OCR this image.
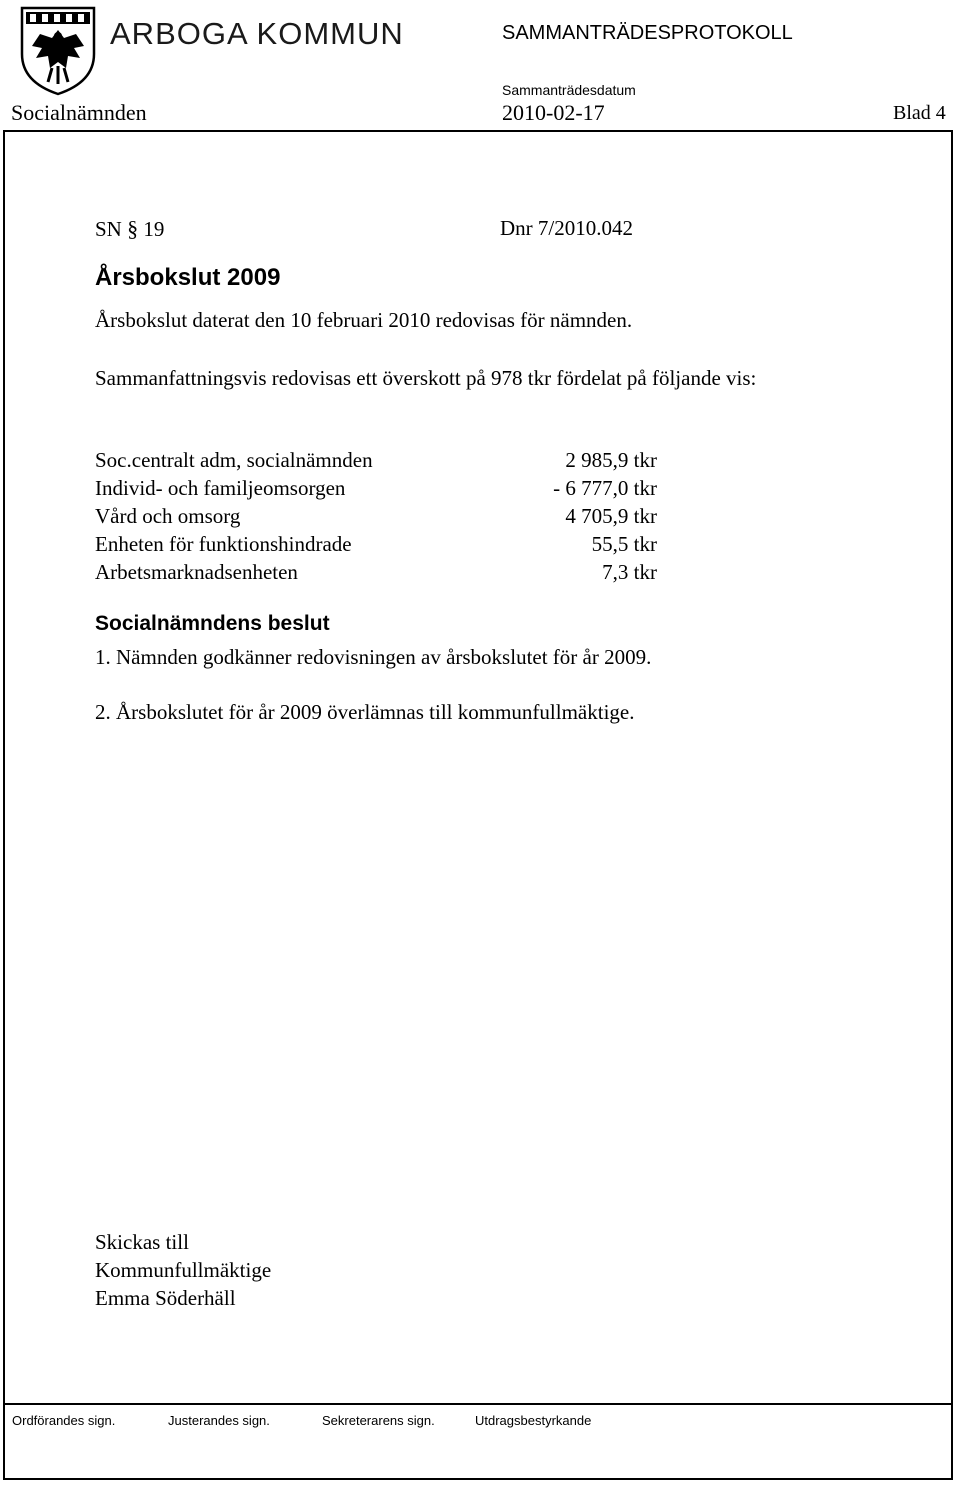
ARBOGA KOMMUN	SAMMANTRÄDESPROTOKOLL
Sammanträdesdatum
Socialnämnden	2010-02-17	Blad 4
SN § 19	Dnr 7/2010.042
Årsbokslut 2009
Årsbokslut daterat den 10 februari 2010 redovisas för nämnden.
Sammanfattningsvis redovisas ett överskott på 978 tkr fördelat på följande vis:
Soc.centralt adm, socialnämnden	2 985,9 tkr
Individ- och familjeomsorgen	- 6 777,0 tkr
Vård och omsorg	4 705,9 tkr
Enheten för funktionshindrade	55,5 tkr
Arbetsmarknadsenheten	7,3 tkr
Socialnämndens beslut
1. Nämnden godkänner redovisningen av årsbokslutet för år 2009.
2. Årsbokslutet för år 2009 överlämnas till kommunfullmäktige.
Skickas till
Kommunfullmäktige
Emma Söderhäll
Ordförandes sign.	Justerandes sign.	Sekreterarens sign.	Utdragsbestyrkande
